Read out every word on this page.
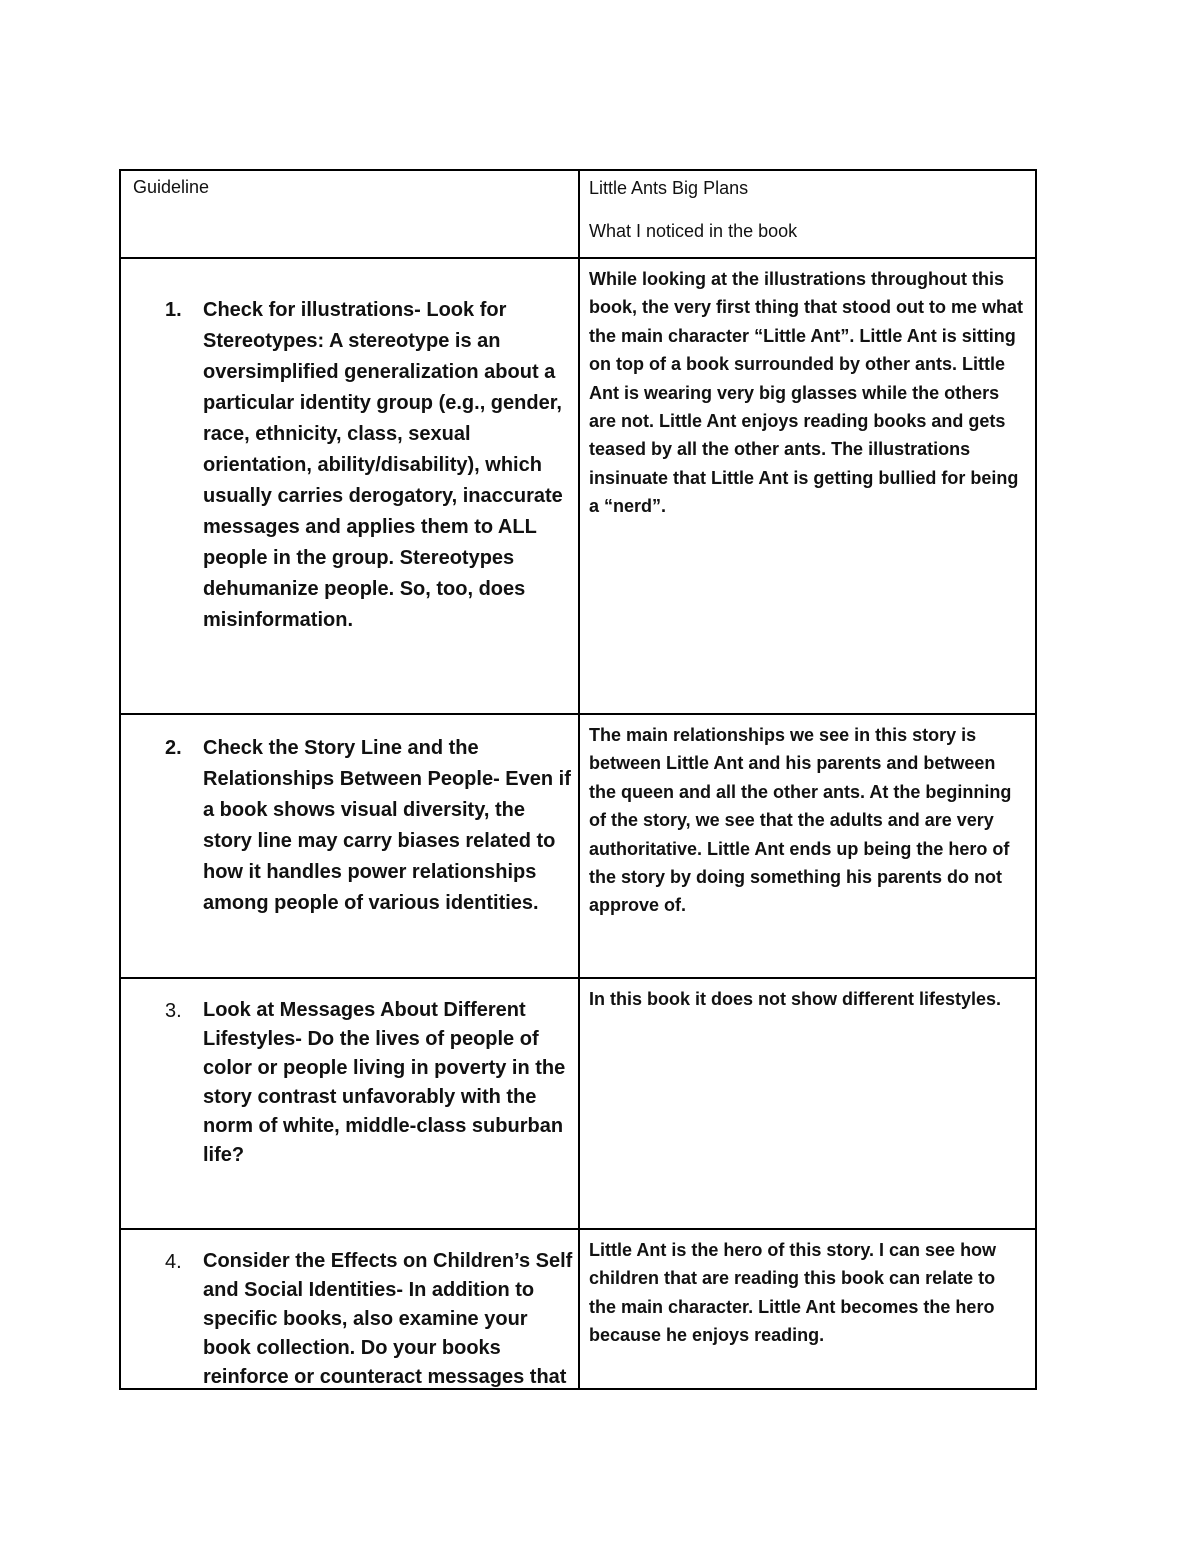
Guideline	Little Ants Big Plans

What I noticed in the book

1. Check for illustrations- Look for Stereotypes: A stereotype is an oversimplified generalization about a particular identity group (e.g., gender, race, ethnicity, class, sexual orientation, ability/disability), which usually carries derogatory, inaccurate messages and applies them to ALL people in the group. Stereotypes dehumanize people. So, too, does misinformation.

While looking at the illustrations throughout this book, the very first thing that stood out to me what the main character “Little Ant”. Little Ant is sitting on top of a book surrounded by other ants. Little Ant is wearing very big glasses while the others are not. Little Ant enjoys reading books and gets teased by all the other ants. The illustrations insinuate that Little Ant is getting bullied for being a “nerd”.

2. Check the Story Line and the Relationships Between People- Even if a book shows visual diversity, the story line may carry biases related to how it handles power relationships among people of various identities.

The main relationships we see in this story is between Little Ant and his parents and between the queen and all the other ants. At the beginning of the story, we see that the adults and are very authoritative. Little Ant ends up being the hero of the story by doing something his parents do not approve of.

3. Look at Messages About Different Lifestyles- Do the lives of people of color or people living in poverty in the story contrast unfavorably with the norm of white, middle-class suburban life?

In this book it does not show different lifestyles.

4. Consider the Effects on Children’s Self and Social Identities- In addition to specific books, also examine your book collection. Do your books reinforce or counteract messages that

Little Ant is the hero of this story. I can see how children that are reading this book can relate to the main character. Little Ant becomes the hero because he enjoys reading.
